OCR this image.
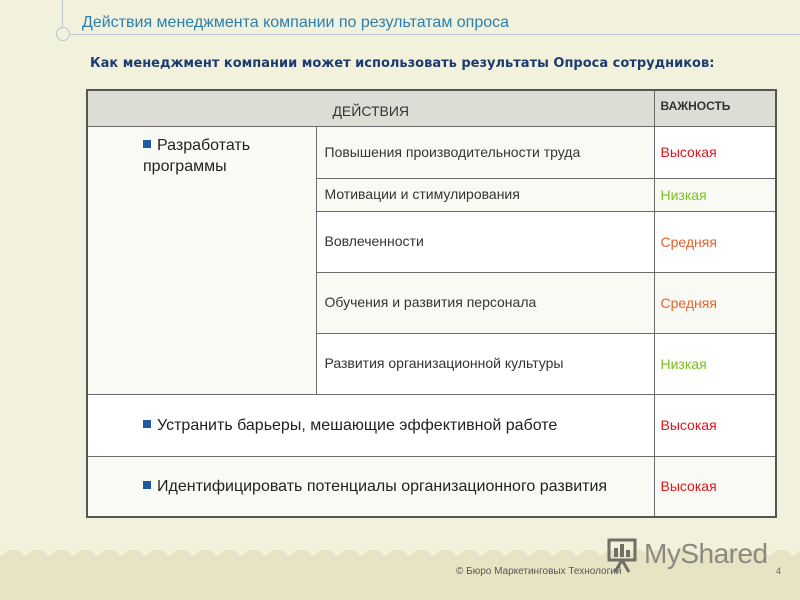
Действия менеджмента компании по результатам опроса
Как менеджмент компании может использовать результаты Опроса сотрудников:
ДЕЙСТВИЯ		ВАЖНОСТЬ
Разработать программы	Повышения производительности труда	Высокая
	Мотивации и стимулирования	Низкая
	Вовлеченности	Средняя
	Обучения и развития персонала	Средняя
	Развития организационной культуры	Низкая
Устранить барьеры, мешающие эффективной работе		Высокая
Идентифицировать потенциалы организационного развития		Высокая
MyShared
© Бюро Маркетинговых Технологий	4
